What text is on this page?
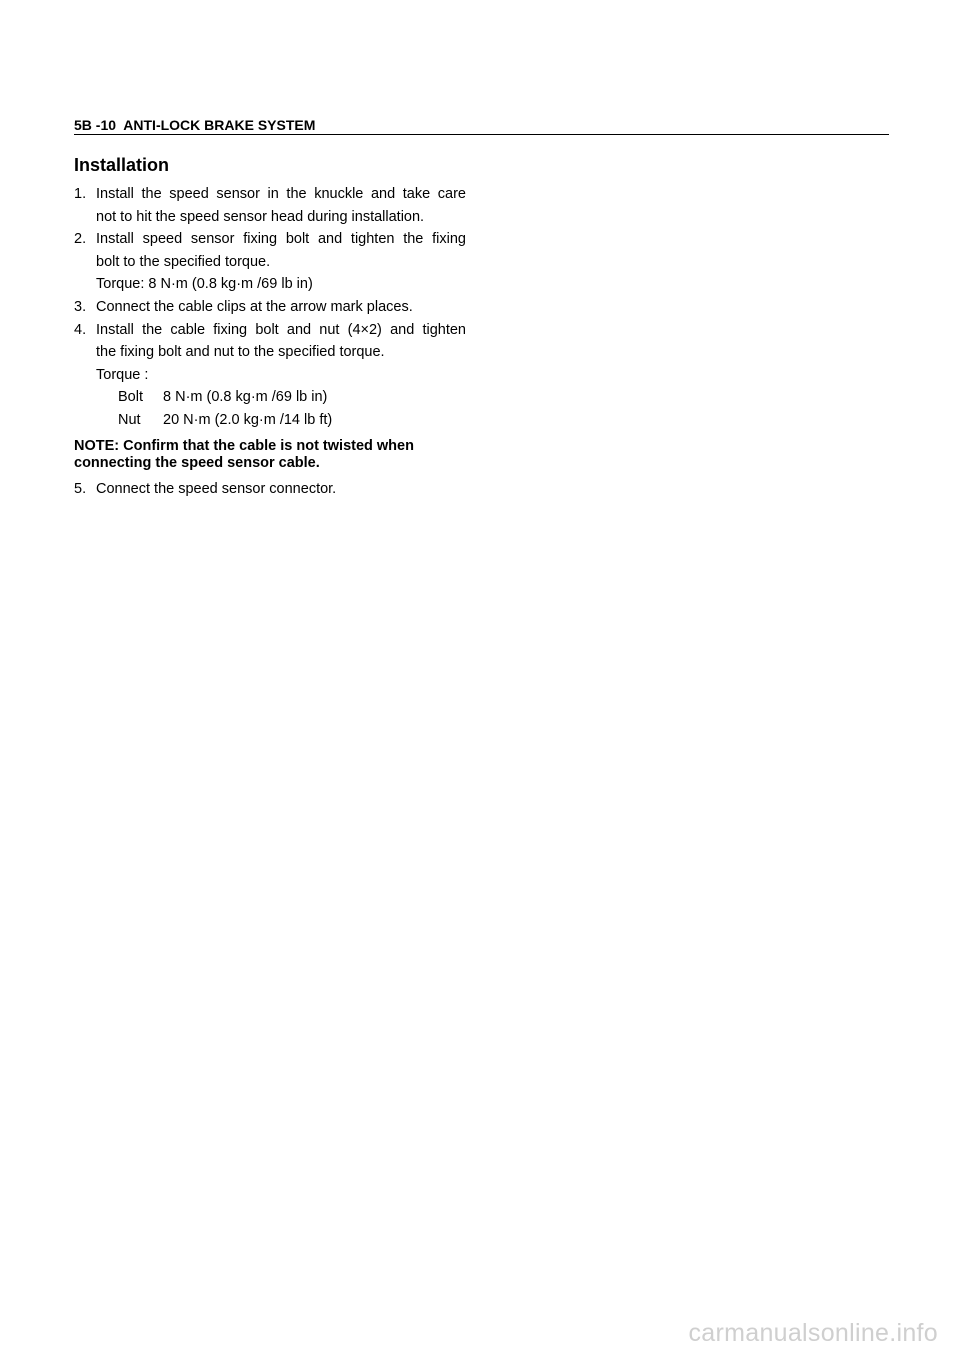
5B -10  ANTI-LOCK BRAKE SYSTEM
Installation
1. Install the speed sensor in the knuckle and take care
not to hit the speed sensor head during installation.
2. Install speed sensor fixing bolt and tighten the fixing
bolt to the specified torque.
Torque: 8 N·m (0.8 kg·m /69 lb in)
3. Connect the cable clips at the arrow mark places.
4. Install the cable fixing bolt and nut (4×2) and tighten
the fixing bolt and nut to the specified torque.
Torque :
Bolt	8 N·m (0.8 kg·m /69 lb in)
Nut	20 N·m (2.0 kg·m /14 lb ft)
NOTE: Confirm that the cable is not twisted when
connecting the speed sensor cable.
5. Connect the speed sensor connector.
carmanualsonline.info
